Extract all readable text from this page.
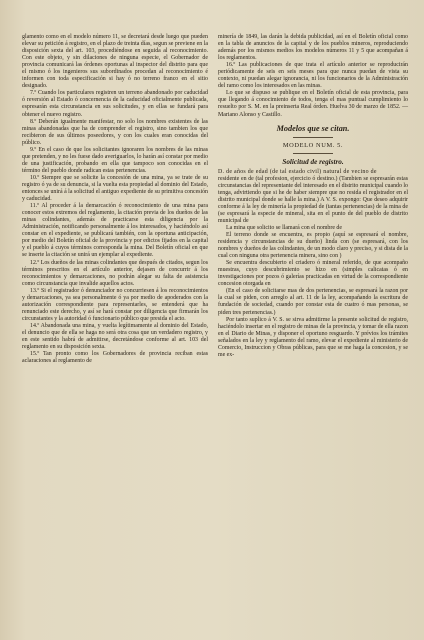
glamento como en el modelo número 11, se decretará desde luego que pueden elevar su petición á registro, en el plazo de treinta días, segun se previene en la disposición sexta del art. 103, procediéndose en seguida al reconocimiento. Con este objeto, y sin dilaciones de ninguna especie, el Gobernador de provincia comunicará las órdenes oportunas al inspector del distrito para que el mismo ó los ingenieros sus subordinados procedan al reconocimiento é informen con toda especificación si hay ó no terreno franco en el sitio designado.

7.º Cuando los particulares registren un terreno abandonado por caducidad ó reversión al Estado ó concernencia de la caducidad oficialmente publicada, espresarán esta circunstancia en sus solicitudes, y en ellas se fundará para obtener el nuevo registro.

8.º Deberán igualmente manifestar, no solo los nombres existentes de las minas abandonadas que ha de comprender el registro, sino tambien los que recibieron de sus últimos poseedores, y con los cuales eran conocidas del público.

9.º En el caso de que los solicitantes ignoraren los nombres de las minas que pretenden, y no les fuese dado averiguarlos, lo harán así constar por medio de una justificación, probando en ella que tampoco son conocidas en el término del pueblo donde radican estas pertenencias.

10.º Siempre que se solicite la concesión de una mina, ya se trate de su registro ó ya de su denuncia, si la vuelta esta propiedad al dominio del Estado, entonces se unirá á la solicitud el antiguo expediente de su primitiva concesión y caducidad.

11.º Al proceder á la demarcación ó reconocimiento de una mina para conocer estos extremos del reglamento, la citación previa de los dueños de las minas colindantes, además de practicarse esta diligencia por la Administración, notificando personalmente á los interesados, y haciéndolo así constar en el expediente, se publicará también, con la oportuna anticipación, por medio del Boletín oficial de la provincia y por edictos fijados en la capital y el pueblo á cuyos términos corresponda la mina. Del Boletín oficial en que se inserte la citación se unirá un ejemplar al expediente.

12.º Los dueños de las minas colindantes que después de citados, segun los términos prescritos en el artículo anterior, dejasen de concurrir á los reconocimientos y demarcaciones, no podrán alegar su falta de asistencia como circunstancia que invalide aquellos actos.

13.º Si el registrador ó denunciador no concurriesen á los reconocimientos y demarcaciones, ya sea personalmente ó ya por medio de apoderados con la autorización correspondiente para representarles, se entenderá que ha renunciado este derecho, y así se hará constar por diligencia que firmarán los circunstantes y la autoridad ó funcionario público que presida el acto.

14.º Abandonada una mina, y vuelta legítimamente al dominio del Estado, el denuncio que de ella se haga no será otra cosa que un verdadero registro, y en este sentido habrá de admitirse, decretándose conforme al art. 103 del reglamento en su disposición sexta.

15.º Tan pronto como los Gobernadores de provincia reciban estas aclaraciones al reglamento de

minería de 1849, las darán la debida publicidad, así en el Boletín oficial como en la tabla de anuncios de la capital y de los pueblos mineros, reproduciendo además por los mismos medios los modelos números 11 y 5 que acompañan á los reglamentos.

16.º Las publicaciones de que trata el artículo anterior se reproducirán periódicamente de seis en seis meses para que nunca puedan de vista su contexto, ni puedan alegar ignorancia, ni los funcionarios de la Administración del ramo como los interesados en las minas.

Lo que se dispuso se publique en el Boletín oficial de esta provincia, para que llegando á conocimiento de todos, tenga el mas puntual cumplimiento lo resuelto por S. M. en la preinserta Real órden. Huelva 30 de marzo de 1852. — Mariano Alonso y Castillo.

Modelos que se citan.
MODELO NUM. 5.
Solicitud de registro.

D. de años de edad (de tal estado civil) natural de vecino de

residente en de (tal profesion, ejercicio ó destino.) (Tambien se espresarán estas circunstancias del representante del interesado en el distrito municipal cuando lo tenga, advirtiendo que si he de haber siempre que no resida el registrador en el distrito municipal donde se halle la mina.) A V. S. expongo: Que deseo adquirir conforme á la ley de minería la propiedad de (tantas pertenencias) de la mina de (se espresará la especie de mineral, sita en el punto de del pueblo de distrito municipal de

La mina que solicito se llamará con el nombre de

El terreno donde se encuentra, es propio (aquí se espresará el nombre, residencia y circunstancias de su dueño) linda con (se espresará, con los nombres y dueños de las colindantes, de un modo claro y preciso, y si dista de la cual con ninguna otra pertenencia minera, sino con )

Se encuentra descubierto el criadero ó mineral referido, de que acompaño muestras, cuyo descubrimiento se hizo en (simples calicatas ó en investigaciones por pozos ó galerías practicadas en virtud de la correspondiente concesion otorgada en

(En el caso de solicitarse mas de dos pertenencias, se espresará la razon por la cual se piden, con arreglo al art. 11 de la ley, acompañando la escritura de fundación de sociedad, cuando por constar esta de cuatro ó mas personas, se piden tres pertenencias.)

Por tanto suplico á V. S. se sirva admitirme la presente solicitud de registro, haciéndolo insertar en el registro de minas de la provincia, y tomar de ella razon en el Diario de Minas, y disponer el oportuno resguardo. Y prévios los trámites señalados en la ley y reglamento del ramo, elevar el expediente al ministerio de Comercio, Instruccion y Obras públicas, para que se me haga la concesion, y se me ex-
